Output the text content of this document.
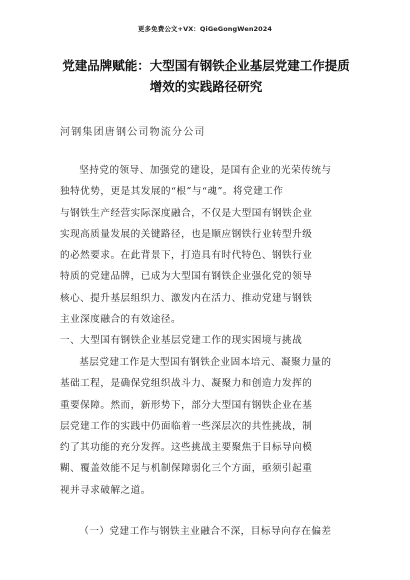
更多免费公文+VX：QiGeGongWen2024
党建品牌赋能：大型国有钢铁企业基层党建工作提质
增效的实践路径研究
河钢集团唐钢公司物流分公司
坚持党的领导、加强党的建设，是国有企业的光荣传统与
独特优势，更是其发展的“根”与“魂”。将党建工作
与钢铁生产经营实际深度融合，不仅是大型国有钢铁企业
实现高质量发展的关键路径，也是顺应钢铁行业转型升级
的必然要求。在此背景下，打造具有时代特色、钢铁行业
特质的党建品牌，已成为大型国有钢铁企业强化党的领导
核心、提升基层组织力、激发内在活力、推动党建与钢铁
主业深度融合的有效途径。
一、大型国有钢铁企业基层党建工作的现实困境与挑战
基层党建工作是大型国有钢铁企业固本培元、凝聚力量的
基础工程，是确保党组织战斗力、凝聚力和创造力发挥的
重要保障。然而，新形势下，部分大型国有钢铁企业在基
层党建工作的实践中仍面临着一些深层次的共性挑战，制
约了其功能的充分发挥。这些挑战主要聚焦于目标导向模
糊、覆盖效能不足与机制保障弱化三个方面，亟须引起重
视并寻求破解之道。
（一）党建工作与钢铁主业融合不深，目标导向存在偏差
